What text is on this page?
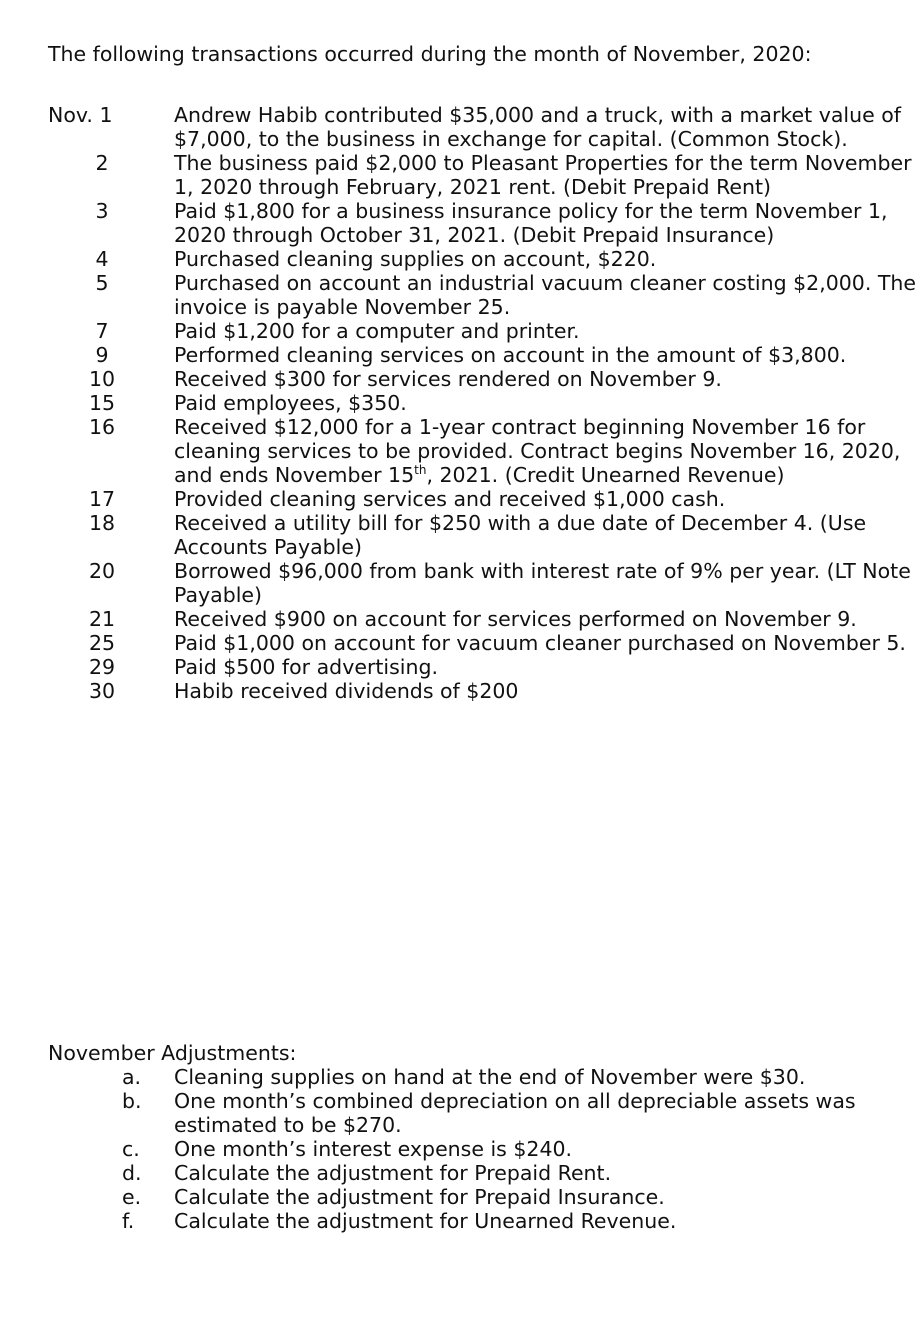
The following transactions occurred during the month of November, 2020:
Nov. 1	Andrew Habib contributed $35,000 and a truck, with a market value of $7,000, to the business in exchange for capital. (Common Stock).
2	The business paid $2,000 to Pleasant Properties for the term November 1, 2020 through February, 2021 rent. (Debit Prepaid Rent)
3	Paid $1,800 for a business insurance policy for the term November 1, 2020 through October 31, 2021. (Debit Prepaid Insurance)
4	Purchased cleaning supplies on account, $220.
5	Purchased on account an industrial vacuum cleaner costing $2,000. The invoice is payable November 25.
7	Paid $1,200 for a computer and printer.
9	Performed cleaning services on account in the amount of $3,800.
10	Received $300 for services rendered on November 9.
15	Paid employees, $350.
16	Received $12,000 for a 1-year contract beginning November 16 for cleaning services to be provided. Contract begins November 16, 2020, and ends November 15th, 2021. (Credit Unearned Revenue)
17	Provided cleaning services and received $1,000 cash.
18	Received a utility bill for $250 with a due date of December 4. (Use Accounts Payable)
20	Borrowed $96,000 from bank with interest rate of 9% per year. (LT Note Payable)
21	Received $900 on account for services performed on November 9.
25	Paid $1,000 on account for vacuum cleaner purchased on November 5.
29	Paid $500 for advertising.
30	Habib received dividends of $200
November Adjustments:
a. Cleaning supplies on hand at the end of November were $30.
b. One month’s combined depreciation on all depreciable assets was estimated to be $270.
c.	One month’s interest expense is $240.
d. Calculate the adjustment for Prepaid Rent.
e. Calculate the adjustment for Prepaid Insurance.
f.	Calculate the adjustment for Unearned Revenue.
